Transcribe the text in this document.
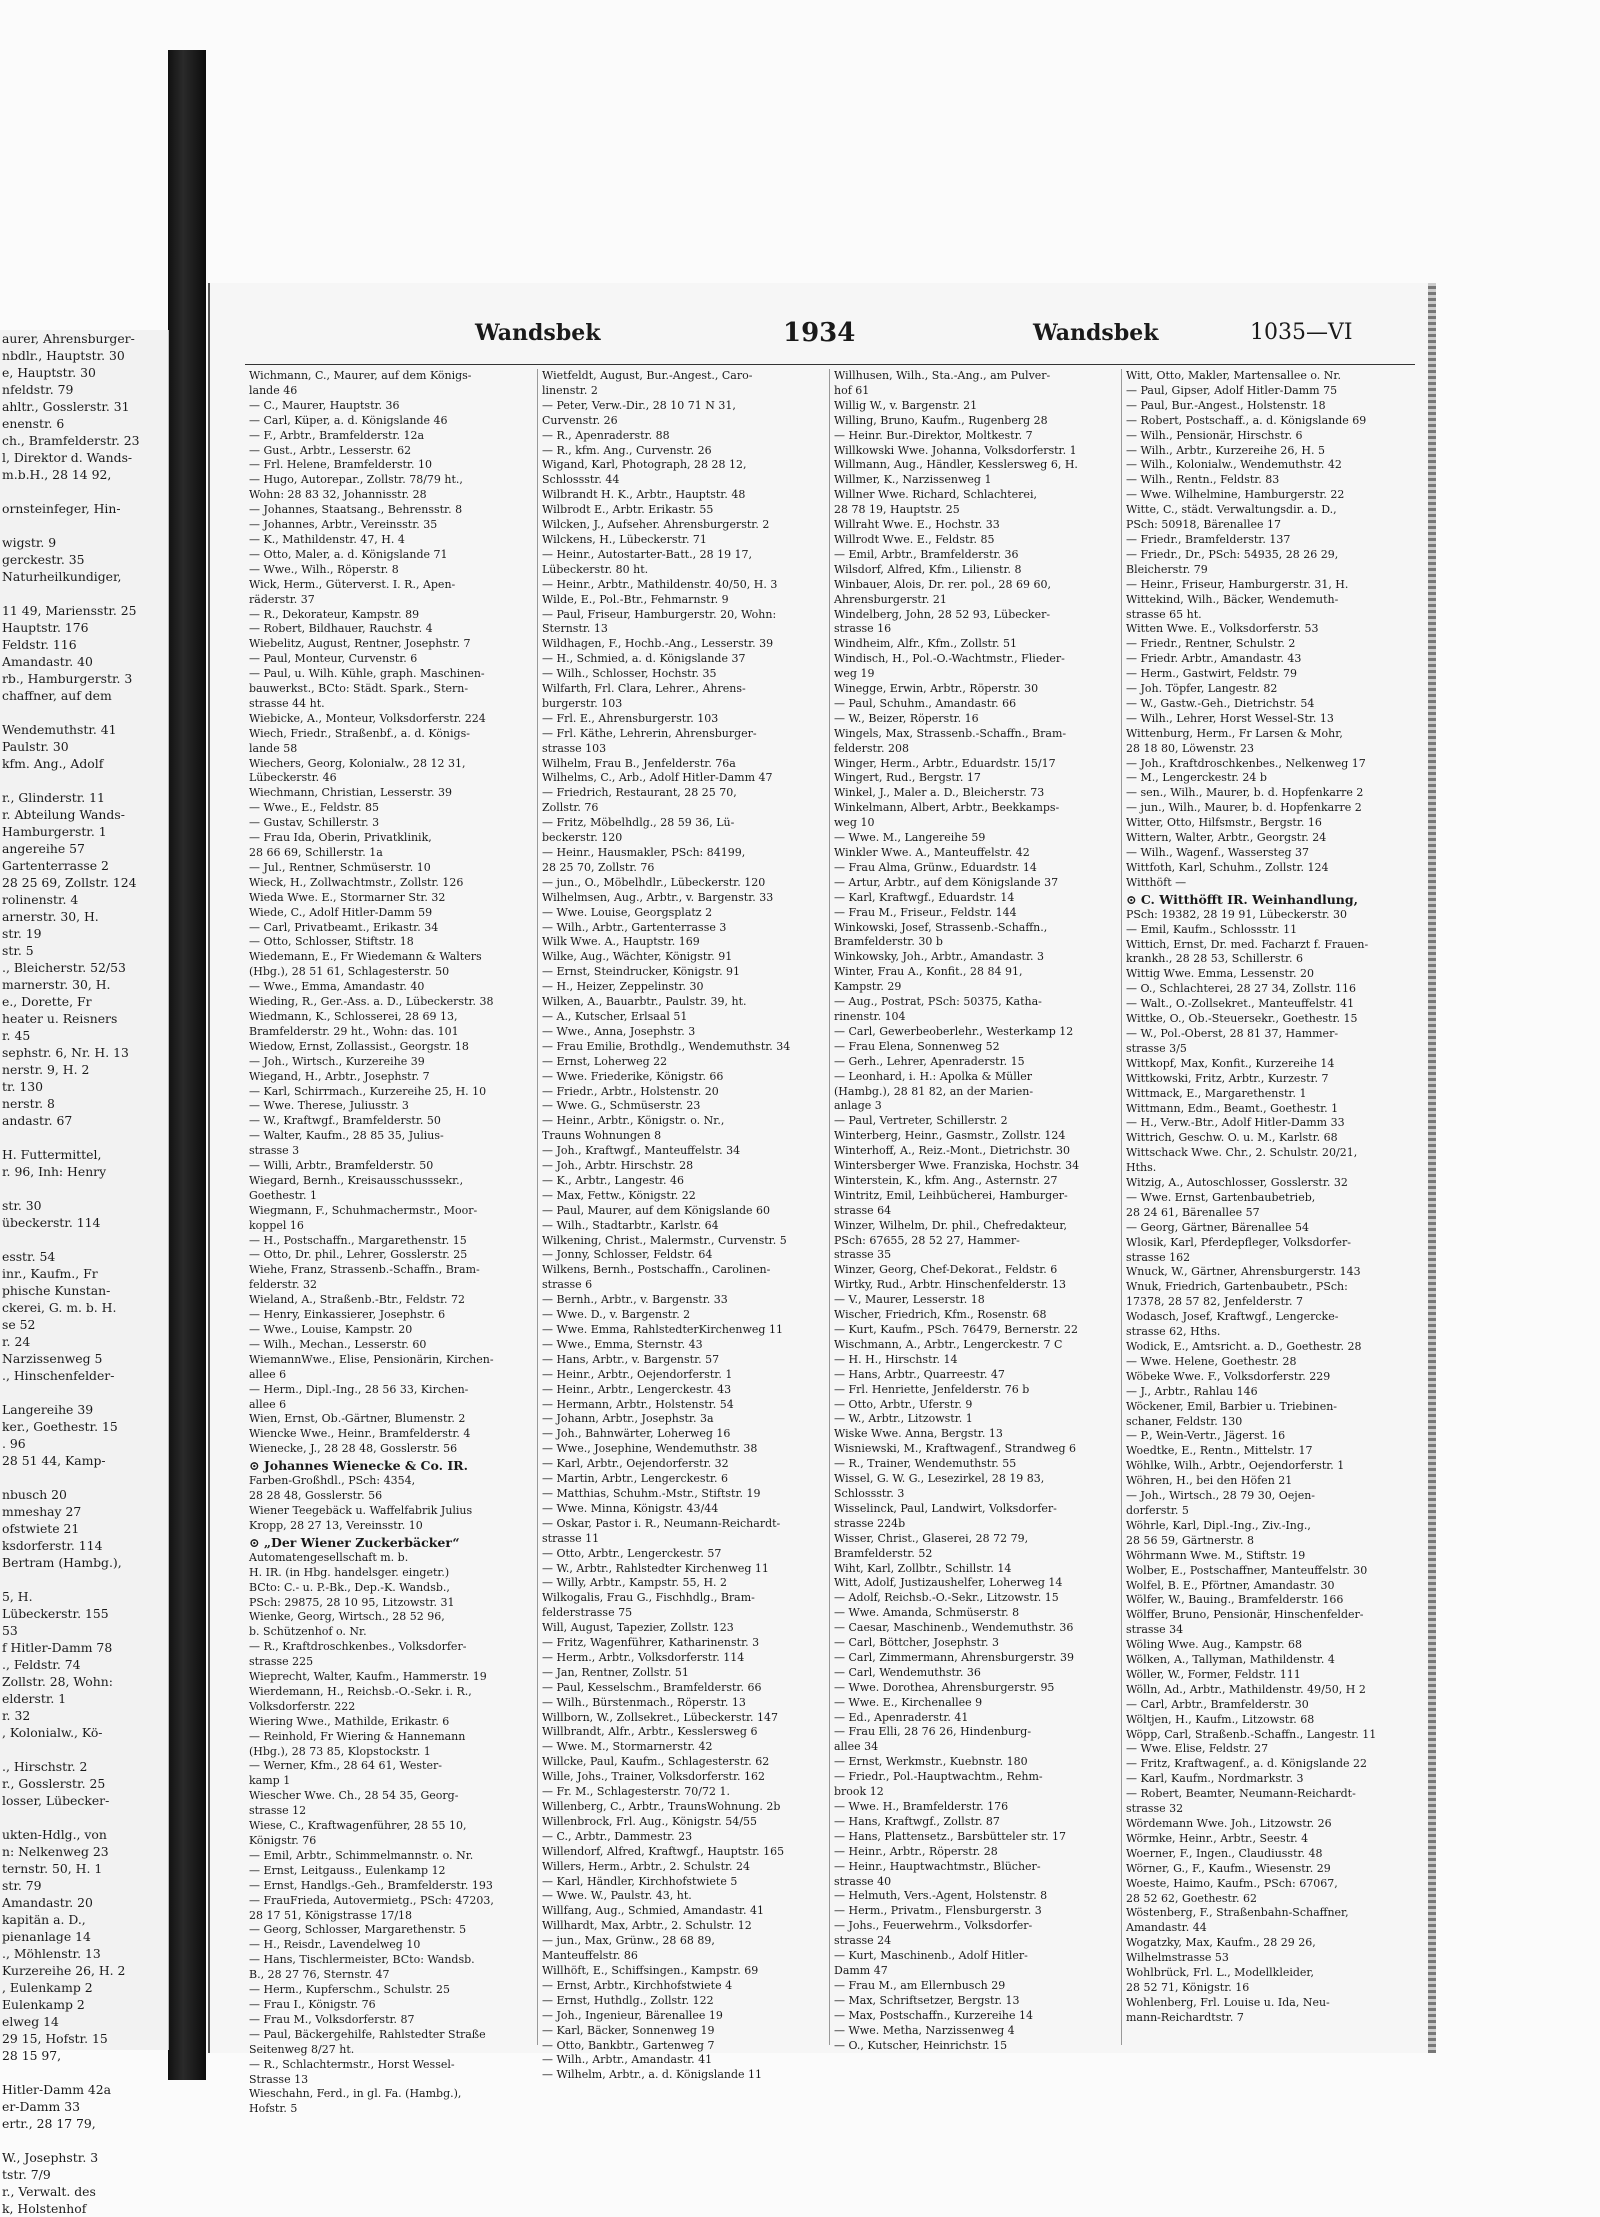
aurer, Ahrensburger-
nbdlr., Hauptstr. 30
e, Hauptstr. 30
nfeldstr. 79
ahltr., Gosslerstr. 31
enenstr. 6
ch., Bramfelderstr. 23
l, Direktor d. Wands-
m.b.H., 28 14 92,

ornsteinfeger, Hin-

wigstr. 9
gerckestr. 35
Naturheilkundiger,

11 49, Mariensstr. 25
Hauptstr. 176
Feldstr. 116
Amandastr. 40
rb., Hamburgerstr. 3
chaffner, auf dem

Wendemuthstr. 41
Paulstr. 30
kfm. Ang., Adolf

r., Glinderstr. 11
r. Abteilung Wands-
Hamburgerstr. 1
angereihe 57
Gartenterrasse 2
28 25 69, Zollstr. 124
rolinenstr. 4
arnerstr. 30, H.
str. 19
str. 5
., Bleicherstr. 52/53
marnerstr. 30, H.
e., Dorette, Fr
heater u. Reisners
r. 45
sephstr. 6, Nr. H. 13
nerstr. 9, H. 2
tr. 130
nerstr. 8
andastr. 67

H. Futtermittel,
r. 96, Inh: Henry

str. 30
übeckerstr. 114

esstr. 54
inr., Kaufm., Fr
phische Kunstan-
ckerei, G. m. b. H.
se 52
r. 24
Narzissenweg 5
., Hinschenfelder-

Langereihe 39
ker., Goethestr. 15
. 96
28 51 44, Kamp-

nbusch 20
mmeshay 27
ofstwiete 21
ksdorferstr. 114
Bertram (Hambg.),

5, H.
Lübeckerstr. 155
53
f Hitler-Damm 78
., Feldstr. 74
Zollstr. 28, Wohn:
elderstr. 1
r. 32
, Kolonialw., Kö-

., Hirschstr. 2
r., Gosslerstr. 25
losser, Lübecker-

ukten-Hdlg., von
n: Nelkenweg 23
ternstr. 50, H. 1
str. 79
Amandastr. 20
kapitän a. D.,
pienanlage 14
., Möhlenstr. 13
Kurzereihe 26, H. 2
, Eulenkamp 2
Eulenkamp 2
elweg 14
29 15, Hofstr. 15
28 15 97,

Hitler-Damm 42a
er-Damm 33
ertr., 28 17 79,

W., Josephstr. 3
tstr. 7/9
r., Verwalt. des
k, Holstenhof
Wandsbek	1934	Wandsbek	1035—VI
Wichmann, C., Maurer, auf dem Königs-
lande 46
— C., Maurer, Hauptstr. 36
— Carl, Küper, a. d. Königslande 46
— F., Arbtr., Bramfelderstr. 12a
— Gust., Arbtr., Lesserstr. 62
— Frl. Helene, Bramfelderstr. 10
— Hugo, Autorepar., Zollstr. 78/79 ht.,
Wohn: 28 83 32, Johannisstr. 28
— Johannes, Staatsang., Behrensstr. 8
— Johannes, Arbtr., Vereinsstr. 35
— K., Mathildenstr. 47, H. 4
— Otto, Maler, a. d. Königslande 71
— Wwe., Wilh., Röperstr. 8
Wick, Herm., Güterverst. I. R., Apen-
räderstr. 37
— R., Dekorateur, Kampstr. 89
— Robert, Bildhauer, Rauchstr. 4
Wiebelitz, August, Rentner, Josephstr. 7
— Paul, Monteur, Curvenstr. 6
— Paul, u. Wilh. Kühle, graph. Maschinen-
bauwerkst., BCto: Städt. Spark., Stern-
strasse 44 ht.
Wiebicke, A., Monteur, Volksdorferstr. 224
Wiech, Friedr., Straßenbf., a. d. Königs-
lande 58
Wiechers, Georg, Kolonialw., 28 12 31,
Lübeckerstr. 46
Wiechmann, Christian, Lesserstr. 39
— Wwe., E., Feldstr. 85
— Gustav, Schillerstr. 3
— Frau Ida, Oberin, Privatklinik,
28 66 69, Schillerstr. 1a
— Jul., Rentner, Schmüserstr. 10
Wieck, H., Zollwachtmstr., Zollstr. 126
Wieda Wwe. E., Stormarner Str. 32
Wiede, C., Adolf Hitler-Damm 59
— Carl, Privatbeamt., Erikastr. 34
— Otto, Schlosser, Stiftstr. 18
Wiedemann, E., Fr Wiedemann & Walters
(Hbg.), 28 51 61, Schlagesterstr. 50
— Wwe., Emma, Amandastr. 40
Wieding, R., Ger.-Ass. a. D., Lübeckerstr. 38
Wiedmann, K., Schlosserei, 28 69 13,
Bramfelderstr. 29 ht., Wohn: das. 101
Wiedow, Ernst, Zollassist., Georgstr. 18
— Joh., Wirtsch., Kurzereihe 39
Wiegand, H., Arbtr., Josephstr. 7
— Karl, Schirrmach., Kurzereihe 25, H. 10
— Wwe. Therese, Juliusstr. 3
— W., Kraftwgf., Bramfelderstr. 50
— Walter, Kaufm., 28 85 35, Julius-
strasse 3
— Willi, Arbtr., Bramfelderstr. 50
Wiegard, Bernh., Kreisausschusssekr.,
Goethestr. 1
Wiegmann, F., Schuhmachermstr., Moor-
koppel 16
— H., Postschaffn., Margarethenstr. 15
— Otto, Dr. phil., Lehrer, Gosslerstr. 25
Wiehe, Franz, Strassenb.-Schaffn., Bram-
felderstr. 32
Wieland, A., Straßenb.-Btr., Feldstr. 72
— Henry, Einkassierer, Josephstr. 6
— Wwe., Louise, Kampstr. 20
— Wilh., Mechan., Lesserstr. 60
WiemannWwe., Elise, Pensionärin, Kirchen-
allee 6
— Herm., Dipl.-Ing., 28 56 33, Kirchen-
allee 6
Wien, Ernst, Ob.-Gärtner, Blumenstr. 2
Wiencke Wwe., Heinr., Bramfelderstr. 4
Wienecke, J., 28 28 48, Gosslerstr. 56
⊙ Johannes Wienecke & Co. IR.
Farben-Großhdl., PSch: 4354,
28 28 48, Gosslerstr. 56
Wiener Teegebäck u. Waffelfabrik Julius
Kropp, 28 27 13, Vereinsstr. 10
⊙ „Der Wiener Zuckerbäcker“
Automatengesellschaft m. b.
H. IR. (in Hbg. handelsger. eingetr.)
BCto: C.- u. P.-Bk., Dep.-K. Wandsb.,
PSch: 29875, 28 10 95, Litzowstr. 31
Wienke, Georg, Wirtsch., 28 52 96,
b. Schützenhof o. Nr.
— R., Kraftdroschkenbes., Volksdorfer-
strasse 225
Wieprecht, Walter, Kaufm., Hammerstr. 19
Wierdemann, H., Reichsb.-O.-Sekr. i. R.,
Volksdorferstr. 222
Wiering Wwe., Mathilde, Erikastr. 6
— Reinhold, Fr Wiering & Hannemann
(Hbg.), 28 73 85, Klopstockstr. 1
— Werner, Kfm., 28 64 61, Wester-
kamp 1
Wiescher Wwe. Ch., 28 54 35, Georg-
strasse 12
Wiese, C., Kraftwagenführer, 28 55 10,
Königstr. 76
— Emil, Arbtr., Schimmelmannstr. o. Nr.
— Ernst, Leitgauss., Eulenkamp 12
— Ernst, Handlgs.-Geh., Bramfelderstr. 193
— FrauFrieda, Autovermietg., PSch: 47203,
28 17 51, Königstrasse 17/18
— Georg, Schlosser, Margarethenstr. 5
— H., Reisdr., Lavendelweg 10
— Hans, Tischlermeister, BCto: Wandsb.
B., 28 27 76, Sternstr. 47
— Herm., Kupferschm., Schulstr. 25
— Frau I., Königstr. 76
— Frau M., Volksdorferstr. 87
— Paul, Bäckergehilfe, Rahlstedter Straße
Seitenweg 8/27 ht.
— R., Schlachtermstr., Horst Wessel-
Strasse 13
Wieschahn, Ferd., in gl. Fa. (Hambg.),
Hofstr. 5
Wietfeldt, August, Bur.-Angest., Caro-
linenstr. 2
— Peter, Verw.-Dir., 28 10 71 N 31,
Curvenstr. 26
— R., Apenraderstr. 88
— R., kfm. Ang., Curvenstr. 26
Wigand, Karl, Photograph, 28 28 12,
Schlossstr. 44
Wilbrandt H. K., Arbtr., Hauptstr. 48
Wilbrodt E., Arbtr. Erikastr. 55
Wilcken, J., Aufseher. Ahrensburgerstr. 2
Wilckens, H., Lübeckerstr. 71
— Heinr., Autostarter-Batt., 28 19 17,
Lübeckerstr. 80 ht.
— Heinr., Arbtr., Mathildenstr. 40/50, H. 3
Wilde, E., Pol.-Btr., Fehmarnstr. 9
— Paul, Friseur, Hamburgerstr. 20, Wohn:
Sternstr. 13
Wildhagen, F., Hochb.-Ang., Lesserstr. 39
— H., Schmied, a. d. Königslande 37
— Wilh., Schlosser, Hochstr. 35
Wilfarth, Frl. Clara, Lehrer., Ahrens-
burgerstr. 103
— Frl. E., Ahrensburgerstr. 103
— Frl. Käthe, Lehrerin, Ahrensburger-
strasse 103
Wilhelm, Frau B., Jenfelderstr. 76a
Wilhelms, C., Arb., Adolf Hitler-Damm 47
— Friedrich, Restaurant, 28 25 70,
Zollstr. 76
— Fritz, Möbelhdlg., 28 59 36, Lü-
beckerstr. 120
— Heinr., Hausmakler, PSch: 84199,
28 25 70, Zollstr. 76
— jun., O., Möbelhdlr., Lübeckerstr. 120
Wilhelmsen, Aug., Arbtr., v. Bargenstr. 33
— Wwe. Louise, Georgsplatz 2
— Wilh., Arbtr., Gartenterrasse 3
Wilk Wwe. A., Hauptstr. 169
Wilke, Aug., Wächter, Königstr. 91
— Ernst, Steindrucker, Königstr. 91
— H., Heizer, Zeppelinstr. 30
Wilken, A., Bauarbtr., Paulstr. 39, ht.
— A., Kutscher, Erlsaal 51
— Wwe., Anna, Josephstr. 3
— Frau Emilie, Brothdlg., Wendemuthstr. 34
— Ernst, Loherweg 22
— Wwe. Friederike, Königstr. 66
— Friedr., Arbtr., Holstenstr. 20
— Wwe. G., Schmüserstr. 23
— Heinr., Arbtr., Königstr. o. Nr.,
Trauns Wohnungen 8
— Joh., Kraftwgf., Manteuffelstr. 34
— Joh., Arbtr. Hirschstr. 28
— K., Arbtr., Langestr. 46
— Max, Fettw., Königstr. 22
— Paul, Maurer, auf dem Königslande 60
— Wilh., Stadtarbtr., Karlstr. 64
Wilkening, Christ., Malermstr., Curvenstr. 5
— Jonny, Schlosser, Feldstr. 64
Wilkens, Bernh., Postschaffn., Carolinen-
strasse 6
— Bernh., Arbtr., v. Bargenstr. 33
— Wwe. D., v. Bargenstr. 2
— Wwe. Emma, RahlstedterKirchenweg 11
— Wwe., Emma, Sternstr. 43
— Hans, Arbtr., v. Bargenstr. 57
— Heinr., Arbtr., Oejendorferstr. 1
— Heinr., Arbtr., Lengerckestr. 43
— Hermann, Arbtr., Holstenstr. 54
— Johann, Arbtr., Josephstr. 3a
— Joh., Bahnwärter, Loherweg 16
— Wwe., Josephine, Wendemuthstr. 38
— Karl, Arbtr., Oejendorferstr. 32
— Martin, Arbtr., Lengerckestr. 6
— Matthias, Schuhm.-Mstr., Stiftstr. 19
— Wwe. Minna, Königstr. 43/44
— Oskar, Pastor i. R., Neumann-Reichardt-
strasse 11
— Otto, Arbtr., Lengerckestr. 57
— W., Arbtr., Rahlstedter Kirchenweg 11
— Willy, Arbtr., Kampstr. 55, H. 2
Wilkogalis, Frau G., Fischhdlg., Bram-
felderstrasse 75
Will, August, Tapezier, Zollstr. 123
— Fritz, Wagenführer, Katharinenstr. 3
— Herm., Arbtr., Volksdorferstr. 114
— Jan, Rentner, Zollstr. 51
— Paul, Kesselschm., Bramfelderstr. 66
— Wilh., Bürstenmach., Röperstr. 13
Willborn, W., Zollsekret., Lübeckerstr. 147
Willbrandt, Alfr., Arbtr., Kesslersweg 6
— Wwe. M., Stormarnerstr. 42
Willcke, Paul, Kaufm., Schlagesterstr. 62
Wille, Johs., Trainer, Volksdorferstr. 162
— Fr. M., Schlagesterstr. 70/72 1.
Willenberg, C., Arbtr., TraunsWohnung. 2b
Willenbrock, Frl. Aug., Königstr. 54/55
— C., Arbtr., Dammestr. 23
Willendorf, Alfred, Kraftwgf., Hauptstr. 165
Willers, Herm., Arbtr., 2. Schulstr. 24
— Karl, Händler, Kirchhofstwiete 5
— Wwe. W., Paulstr. 43, ht.
Willfang, Aug., Schmied, Amandastr. 41
Willhardt, Max, Arbtr., 2. Schulstr. 12
— jun., Max, Grünw., 28 68 89,
Manteuffelstr. 86
Willhöft, E., Schiffsingen., Kampstr. 69
— Ernst, Arbtr., Kirchhofstwiete 4
— Ernst, Huthdlg., Zollstr. 122
— Joh., Ingenieur, Bärenallee 19
— Karl, Bäcker, Sonnenweg 19
— Otto, Bankbtr., Gartenweg 7
— Wilh., Arbtr., Amandastr. 41
— Wilhelm, Arbtr., a. d. Königslande 11
Willhusen, Wilh., Sta.-Ang., am Pulver-
hof 61
Willig W., v. Bargenstr. 21
Willing, Bruno, Kaufm., Rugenberg 28
— Heinr. Bur.-Direktor, Moltkestr. 7
Willkowski Wwe. Johanna, Volksdorferstr. 1
Willmann, Aug., Händler, Kesslersweg 6, H.
Willmer, K., Narzissenweg 1
Willner Wwe. Richard, Schlachterei,
28 78 19, Hauptstr. 25
Willraht Wwe. E., Hochstr. 33
Willrodt Wwe. E., Feldstr. 85
— Emil, Arbtr., Bramfelderstr. 36
Wilsdorf, Alfred, Kfm., Lilienstr. 8
Winbauer, Alois, Dr. rer. pol., 28 69 60,
Ahrensburgerstr. 21
Windelberg, John, 28 52 93, Lübecker-
strasse 16
Windheim, Alfr., Kfm., Zollstr. 51
Windisch, H., Pol.-O.-Wachtmstr., Flieder-
weg 19
Winegge, Erwin, Arbtr., Röperstr. 30
— Paul, Schuhm., Amandastr. 66
— W., Beizer, Röperstr. 16
Wingels, Max, Strassenb.-Schaffn., Bram-
felderstr. 208
Winger, Herm., Arbtr., Eduardstr. 15/17
Wingert, Rud., Bergstr. 17
Winkel, J., Maler a. D., Bleicherstr. 73
Winkelmann, Albert, Arbtr., Beekkamps-
weg 10
— Wwe. M., Langereihe 59
Winkler Wwe. A., Manteuffelstr. 42
— Frau Alma, Grünw., Eduardstr. 14
— Artur, Arbtr., auf dem Königslande 37
— Karl, Kraftwgf., Eduardstr. 14
— Frau M., Friseur., Feldstr. 144
Winkowski, Josef, Strassenb.-Schaffn.,
Bramfelderstr. 30 b
Winkowsky, Joh., Arbtr., Amandastr. 3
Winter, Frau A., Konfit., 28 84 91,
Kampstr. 29
— Aug., Postrat, PSch: 50375, Katha-
rinenstr. 104
— Carl, Gewerbeoberlehr., Westerkamp 12
— Frau Elena, Sonnenweg 52
— Gerh., Lehrer, Apenraderstr. 15
— Leonhard, i. H.: Apolka & Müller
(Hambg.), 28 81 82, an der Marien-
anlage 3
— Paul, Vertreter, Schillerstr. 2
Winterberg, Heinr., Gasmstr., Zollstr. 124
Winterhoff, A., Reiz.-Mont., Dietrichstr. 30
Wintersberger Wwe. Franziska, Hochstr. 34
Winterstein, K., kfm. Ang., Asternstr. 27
Wintritz, Emil, Leihbücherei, Hamburger-
strasse 64
Winzer, Wilhelm, Dr. phil., Chefredakteur,
PSch: 67655, 28 52 27, Hammer-
strasse 35
Winzer, Georg, Chef-Dekorat., Feldstr. 6
Wirtky, Rud., Arbtr. Hinschenfelderstr. 13
— V., Maurer, Lesserstr. 18
Wischer, Friedrich, Kfm., Rosenstr. 68
— Kurt, Kaufm., PSch. 76479, Bernerstr. 22
Wischmann, A., Arbtr., Lengerckestr. 7 C
— H. H., Hirschstr. 14
— Hans, Arbtr., Quarreestr. 47
— Frl. Henriette, Jenfelderstr. 76 b
— Otto, Arbtr., Uferstr. 9
— W., Arbtr., Litzowstr. 1
Wiske Wwe. Anna, Bergstr. 13
Wisniewski, M., Kraftwagenf., Strandweg 6
— R., Trainer, Wendemuthstr. 55
Wissel, G. W. G., Lesezirkel, 28 19 83,
Schlossstr. 3
Wisselinck, Paul, Landwirt, Volksdorfer-
strasse 224b
Wisser, Christ., Glaserei, 28 72 79,
Bramfelderstr. 52
Wiht, Karl, Zollbtr., Schillstr. 14
Witt, Adolf, Justizaushelfer, Loherweg 14
— Adolf, Reichsb.-O.-Sekr., Litzowstr. 15
— Wwe. Amanda, Schmüserstr. 8
— Caesar, Maschinenb., Wendemuthstr. 36
— Carl, Böttcher, Josephstr. 3
— Carl, Zimmermann, Ahrensburgerstr. 39
— Carl, Wendemuthstr. 36
— Wwe. Dorothea, Ahrensburgerstr. 95
— Wwe. E., Kirchenallee 9
— Ed., Apenraderstr. 41
— Frau Elli, 28 76 26, Hindenburg-
allee 34
— Ernst, Werkmstr., Kuebnstr. 180
— Friedr., Pol.-Hauptwachtm., Rehm-
brook 12
— Wwe. H., Bramfelderstr. 176
— Hans, Kraftwgf., Zollstr. 87
— Hans, Plattensetz., Barsbütteler str. 17
— Heinr., Arbtr., Röperstr. 28
— Heinr., Hauptwachtmstr., Blücher-
strasse 40
— Helmuth, Vers.-Agent, Holstenstr. 8
— Herm., Privatm., Flensburgerstr. 3
— Johs., Feuerwehrm., Volksdorfer-
strasse 24
— Kurt, Maschinenb., Adolf Hitler-
Damm 47
— Frau M., am Ellernbusch 29
— Max, Schriftsetzer, Bergstr. 13
— Max, Postschaffn., Kurzereihe 14
— Wwe. Metha, Narzissenweg 4
— O., Kutscher, Heinrichstr. 15
Witt, Otto, Makler, Martensallee o. Nr.
— Paul, Gipser, Adolf Hitler-Damm 75
— Paul, Bur.-Angest., Holstenstr. 18
— Robert, Postschaff., a. d. Königslande 69
— Wilh., Pensionär, Hirschstr. 6
— Wilh., Arbtr., Kurzereihe 26, H. 5
— Wilh., Kolonialw., Wendemuthstr. 42
— Wilh., Rentn., Feldstr. 83
— Wwe. Wilhelmine, Hamburgerstr. 22
Witte, C., städt. Verwaltungsdir. a. D.,
PSch: 50918, Bärenallee 17
— Friedr., Bramfelderstr. 137
— Friedr., Dr., PSch: 54935, 28 26 29,
Bleicherstr. 79
— Heinr., Friseur, Hamburgerstr. 31, H.
Wittekind, Wilh., Bäcker, Wendemuth-
strasse 65 ht.
Witten Wwe. E., Volksdorferstr. 53
— Friedr., Rentner, Schulstr. 2
— Friedr. Arbtr., Amandastr. 43
— Herm., Gastwirt, Feldstr. 79
— Joh. Töpfer, Langestr. 82
— W., Gastw.-Geh., Dietrichstr. 54
— Wilh., Lehrer, Horst Wessel-Str. 13
Wittenburg, Herm., Fr Larsen & Mohr,
28 18 80, Löwenstr. 23
— Joh., Kraftdroschkenbes., Nelkenweg 17
— M., Lengerckestr. 24 b
— sen., Wilh., Maurer, b. d. Hopfenkarre 2
— jun., Wilh., Maurer, b. d. Hopfenkarre 2
Witter, Otto, Hilfsmstr., Bergstr. 16
Wittern, Walter, Arbtr., Georgstr. 24
— Wilh., Wagenf., Wassersteg 37
Wittfoth, Karl, Schuhm., Zollstr. 124
Witthöft —
⊙ C. Witthöfft IR. Weinhandlung,
PSch: 19382, 28 19 91, Lübeckerstr. 30
— Emil, Kaufm., Schlossstr. 11
Wittich, Ernst, Dr. med. Facharzt f. Frauen-
krankh., 28 28 53, Schillerstr. 6
Wittig Wwe. Emma, Lessenstr. 20
— O., Schlachterei, 28 27 34, Zollstr. 116
— Walt., O.-Zollsekret., Manteuffelstr. 41
Wittke, O., Ob.-Steuersekr., Goethestr. 15
— W., Pol.-Oberst, 28 81 37, Hammer-
strasse 3/5
Wittkopf, Max, Konfit., Kurzereihe 14
Wittkowski, Fritz, Arbtr., Kurzestr. 7
Wittmack, E., Margarethenstr. 1
Wittmann, Edm., Beamt., Goethestr. 1
— H., Verw.-Btr., Adolf Hitler-Damm 33
Wittrich, Geschw. O. u. M., Karlstr. 68
Wittschack Wwe. Chr., 2. Schulstr. 20/21,
Hths.
Witzig, A., Autoschlosser, Gosslerstr. 32
— Wwe. Ernst, Gartenbaubetrieb,
28 24 61, Bärenallee 57
— Georg, Gärtner, Bärenallee 54
Wlosik, Karl, Pferdepfleger, Volksdorfer-
strasse 162
Wnuck, W., Gärtner, Ahrensburgerstr. 143
Wnuk, Friedrich, Gartenbaubetr., PSch:
17378, 28 57 82, Jenfelderstr. 7
Wodasch, Josef, Kraftwgf., Lengercke-
strasse 62, Hths.
Wodick, E., Amtsricht. a. D., Goethestr. 28
— Wwe. Helene, Goethestr. 28
Wöbeke Wwe. F., Volksdorferstr. 229
— J., Arbtr., Rahlau 146
Wöckener, Emil, Barbier u. Triebinen-
schaner, Feldstr. 130
— P., Wein-Vertr., Jägerst. 16
Woedtke, E., Rentn., Mittelstr. 17
Wöhlke, Wilh., Arbtr., Oejendorferstr. 1
Wöhren, H., bei den Höfen 21
— Joh., Wirtsch., 28 79 30, Oejen-
dorferstr. 5
Wöhrle, Karl, Dipl.-Ing., Ziv.-Ing.,
28 56 59, Gärtnerstr. 8
Wöhrmann Wwe. M., Stiftstr. 19
Wolber, E., Postschaffner, Manteuffelstr. 30
Wolfel, B. E., Pförtner, Amandastr. 30
Wölfer, W., Bauing., Bramfelderstr. 166
Wölffer, Bruno, Pensionär, Hinschenfelder-
strasse 34
Wöling Wwe. Aug., Kampstr. 68
Wölken, A., Tallyman, Mathildenstr. 4
Wöller, W., Former, Feldstr. 111
Wölln, Ad., Arbtr., Mathildenstr. 49/50, H 2
— Carl, Arbtr., Bramfelderstr. 30
Wöltjen, H., Kaufm., Litzowstr. 68
Wöpp, Carl, Straßenb.-Schaffn., Langestr. 11
— Wwe. Elise, Feldstr. 27
— Fritz, Kraftwagenf., a. d. Königslande 22
— Karl, Kaufm., Nordmarkstr. 3
— Robert, Beamter, Neumann-Reichardt-
strasse 32
Wördemann Wwe. Joh., Litzowstr. 26
Wörmke, Heinr., Arbtr., Seestr. 4
Woerner, F., Ingen., Claudiusstr. 48
Wörner, G., F., Kaufm., Wiesenstr. 29
Woeste, Haimo, Kaufm., PSch: 67067,
28 52 62, Goethestr. 62
Wöstenberg, F., Straßenbahn-Schaffner,
Amandastr. 44
Wogatzky, Max, Kaufm., 28 29 26,
Wilhelmstrasse 53
Wohlbrück, Frl. L., Modellkleider,
28 52 71, Königstr. 16
Wohlenberg, Frl. Louise u. Ida, Neu-
mann-Reichardtstr. 7
